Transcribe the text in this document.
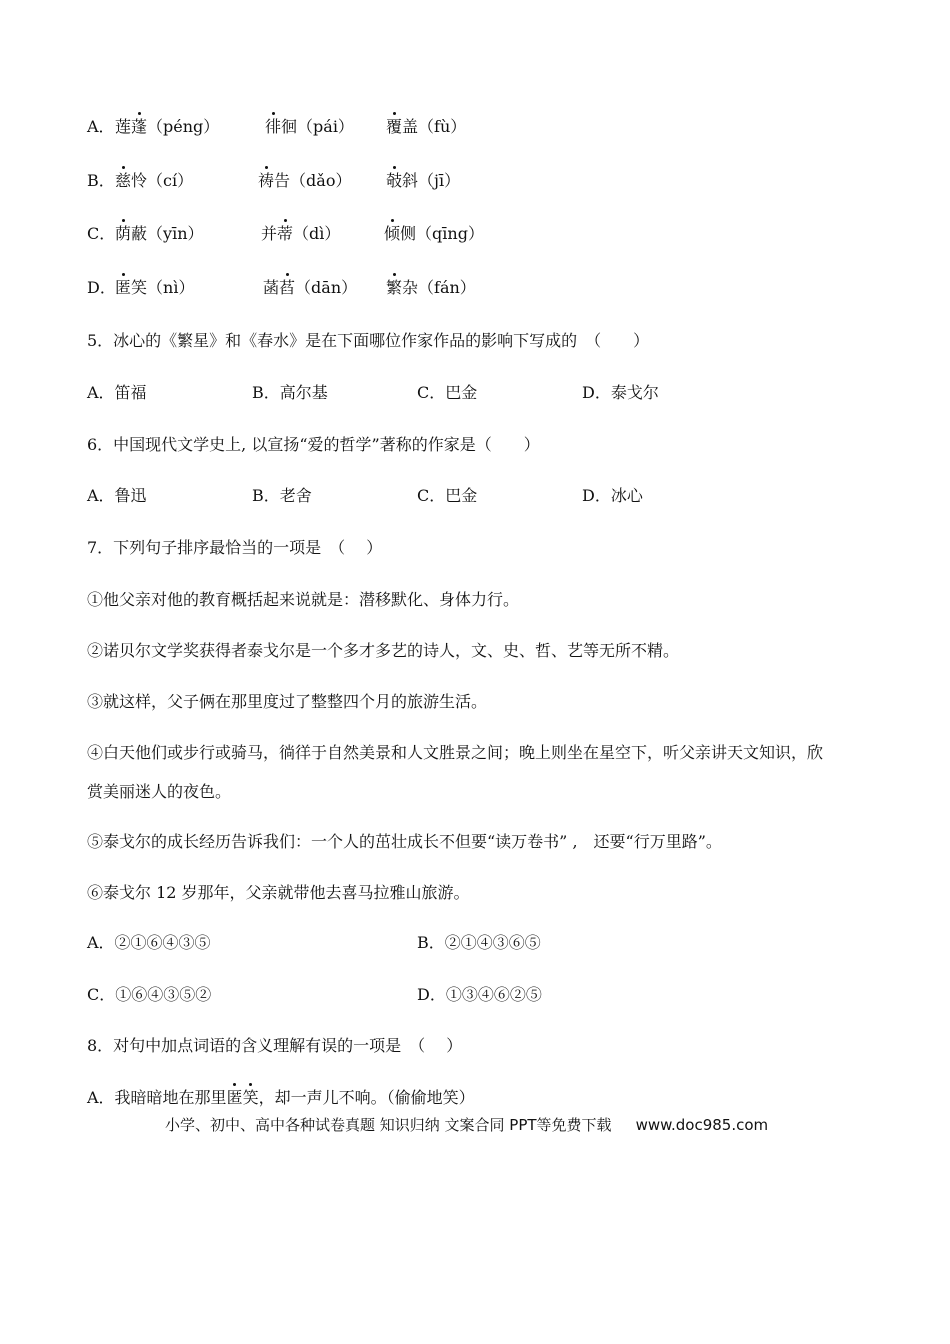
A． 莲蓬（péng）	徘徊（pái） 覆盖（fù）
B． 慈怜（cí）	祷告（dǎo） 攲斜（jī）
C． 荫蔽（yīn）	并蒂（dì）	倾侧（qīng）
D． 匿笑（nì）	菡萏（dān） 繁杂（fán）
5．冰心的《繁星》和《春水》是在下面哪位作家作品的影响下写成的　（　　）
A．笛福	B．高尔基	C．巴金	D．泰戈尔
6．中国现代文学史上, 以宣扬“爱的哲学”著称的作家是（　　）
A．鲁迅	B．老舍	C．巴金	D．冰心
7．下列句子排序最恰当的一项是　（　 ）
①他父亲对他的教育概括起来说就是：潜移默化、身体力行。
②诺贝尔文学奖获得者泰戈尔是一个多才多艺的诗人，文、史、哲、艺等无所不精。
③就这样，父子俩在那里度过了整整四个月的旅游生活。
④白天他们或步行或骑马，徜徉于自然美景和人文胜景之间；晚上则坐在星空下，听父亲讲天文知识，欣
赏美丽迷人的夜色。
⑤泰戈尔的成长经历告诉我们：一个人的茁壮成长不但要“读万卷书” ,　还要“行万里路”。
⑥泰戈尔 12 岁那年，父亲就带他去喜马拉雅山旅游。
A．②①⑥④③⑤	B．②①④③⑥⑤
C．①⑥④③⑤②	D．①③④⑥②⑤
8．对句中加点词语的含义理解有误的一项是　（　 ）
A．我暗暗地在那里匿笑，却一声儿不响。（偷偷地笑）
小学、初中、高中各种试卷真题 知识归纳 文案合同 PPT等免费下载 www.doc985.com
